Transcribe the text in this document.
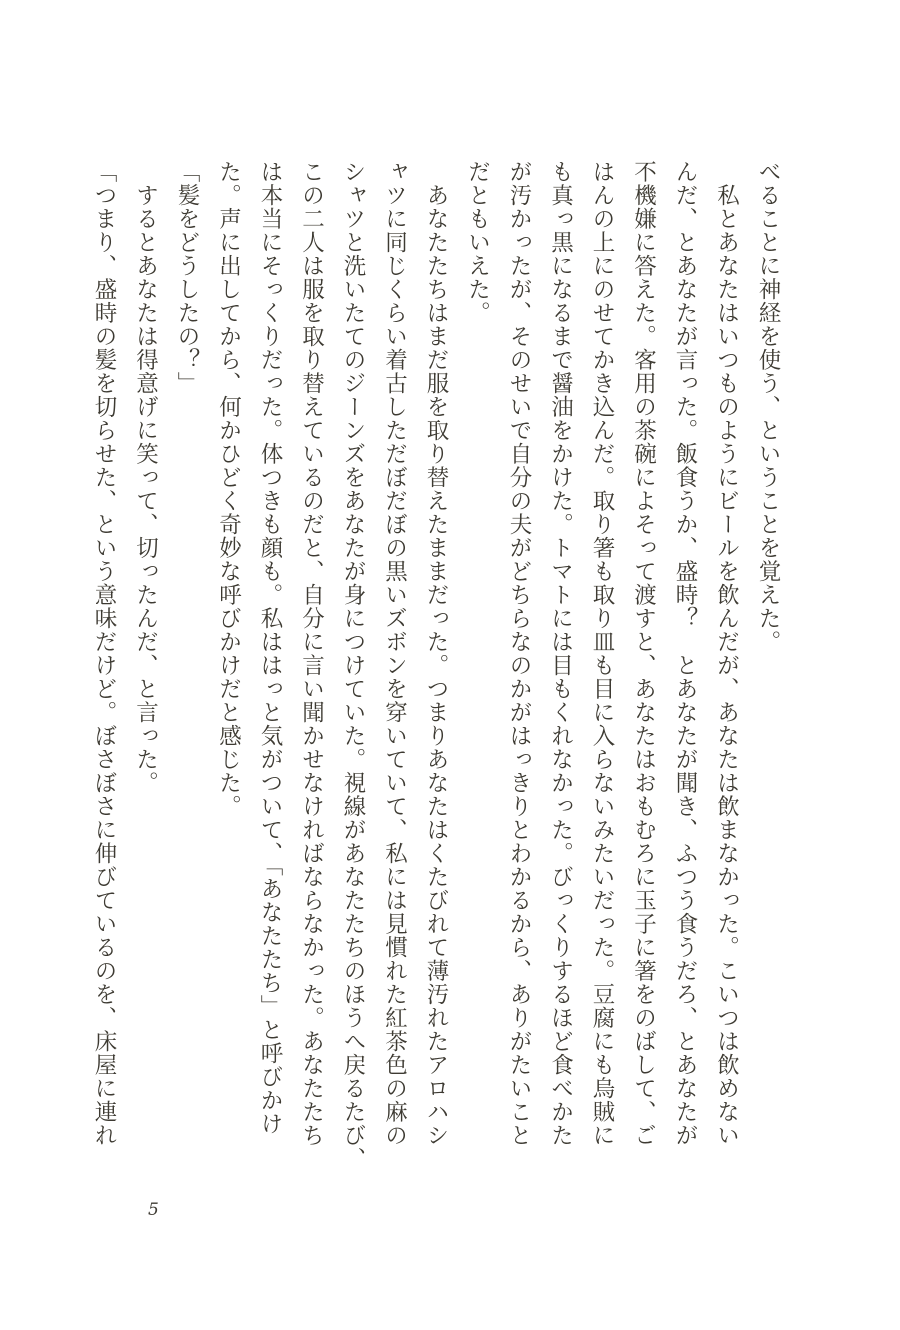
べることに神経を使う、ということを覚えた。
　私とあなたはいつものようにビールを飲んだが、あなたは飲まなかった。こいつは飲めない
んだ、とあなたが言った。飯食うか、盛時？　とあなたが聞き、ふつう食うだろ、とあなたが
不機嫌に答えた。客用の茶碗によそって渡すと、あなたはおもむろに玉子に箸をのばして、ご
はんの上にのせてかき込んだ。取り箸も取り皿も目に入らないみたいだった。豆腐にも烏賊に
も真っ黒になるまで醤油をかけた。トマトには目もくれなかった。びっくりするほど食べかた
が汚かったが、そのせいで自分の夫がどちらなのかがはっきりとわかるから、ありがたいこと
だともいえた。
　あなたたちはまだ服を取り替えたままだった。つまりあなたはくたびれて薄汚れたアロハシ
ャツに同じくらい着古しただぼだぼの黒いズボンを穿いていて、私には見慣れた紅茶色の麻の
シャツと洗いたてのジーンズをあなたが身につけていた。視線があなたたちのほうへ戻るたび、
この二人は服を取り替えているのだと、自分に言い聞かせなければならなかった。あなたたち
は本当にそっくりだった。体つきも顔も。私ははっと気がついて、「あなたたち」と呼びかけ
た。声に出してから、何かひどく奇妙な呼びかけだと感じた。
「髪をどうしたの？」
　するとあなたは得意げに笑って、切ったんだ、と言った。
「つまり、盛時の髪を切らせた、という意味だけど。ぼさぼさに伸びているのを、床屋に連れ
5
